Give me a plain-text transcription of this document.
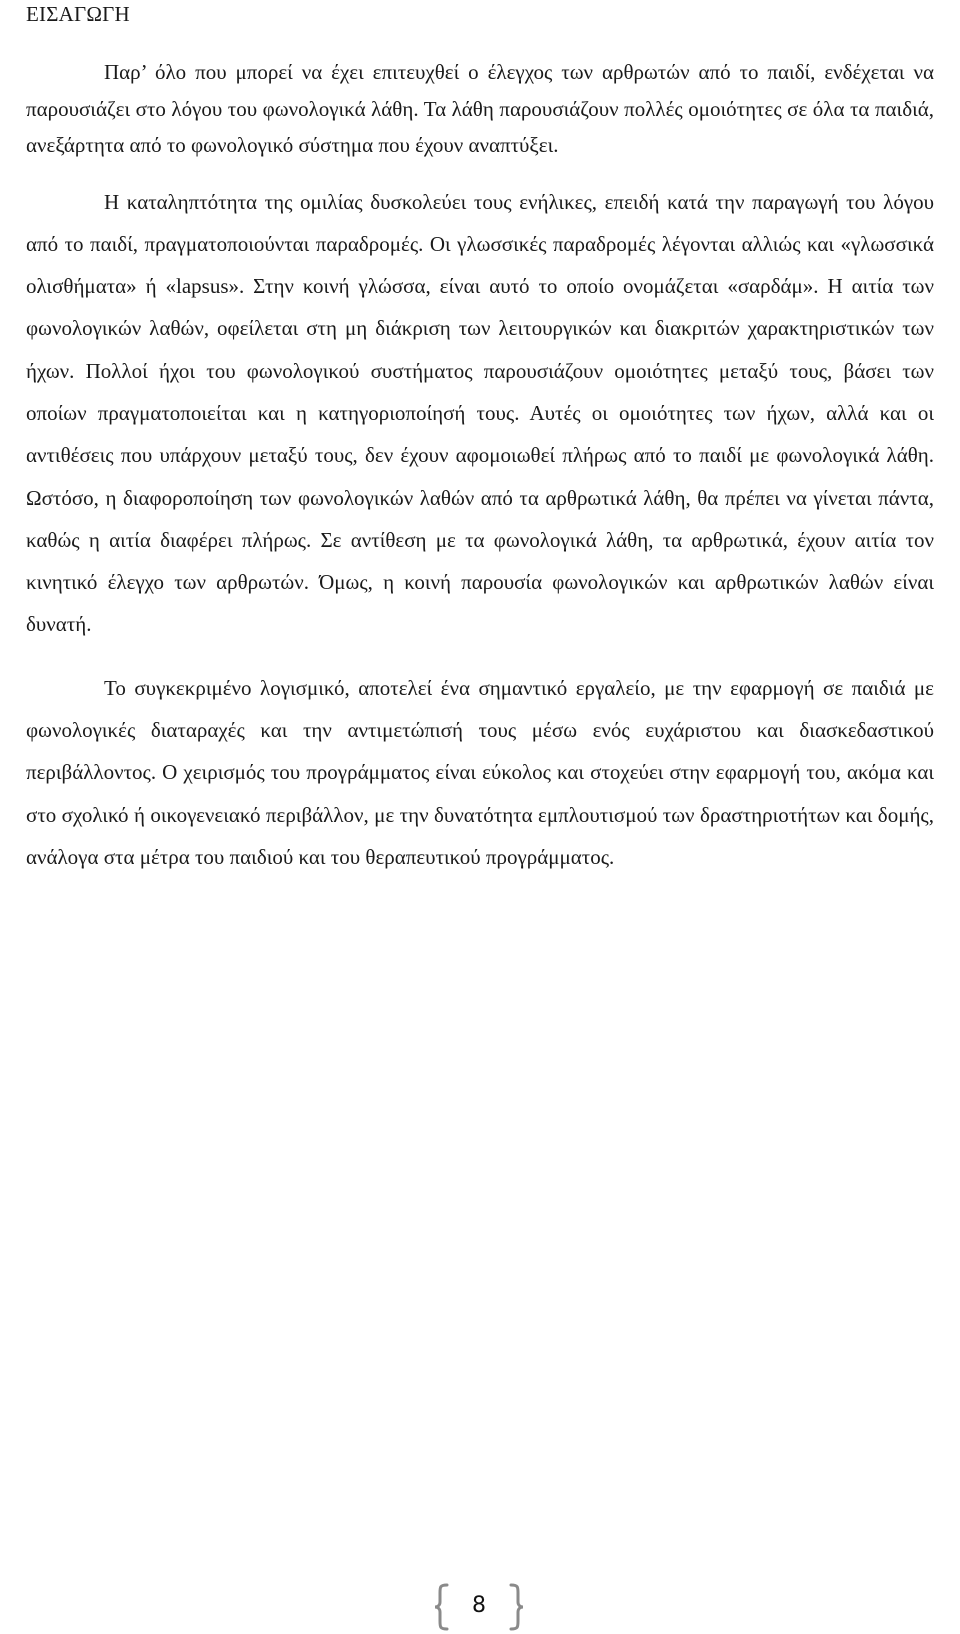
ΕΙΣΑΓΩΓΗ

Παρ’ όλο που μπορεί να έχει επιτευχθεί ο έλεγχος των αρθρωτών από το παιδί, ενδέχεται να παρουσιάζει στο λόγου του φωνολογικά λάθη. Τα λάθη παρουσιάζουν πολλές ομοιότητες σε όλα τα παιδιά, ανεξάρτητα από το φωνολογικό σύστημα που έχουν αναπτύξει.

Η καταληπτότητα της ομιλίας δυσκολεύει τους ενήλικες, επειδή κατά την παραγωγή του λόγου από το παιδί, πραγματοποιούνται παραδρομές. Οι γλωσσικές παραδρομές λέγονται αλλιώς και «γλωσσικά ολισθήματα» ή «lapsus». Στην κοινή γλώσσα, είναι αυτό το οποίο ονομάζεται «σαρδάμ». Η αιτία των φωνολογικών λαθών, οφείλεται στη μη διάκριση των λειτουργικών και διακριτών χαρακτηριστικών των ήχων. Πολλοί ήχοι του φωνολογικού συστήματος παρουσιάζουν ομοιότητες μεταξύ τους, βάσει των οποίων πραγματοποιείται και η κατηγοριοποίησή τους. Αυτές οι ομοιότητες των ήχων, αλλά και οι αντιθέσεις που υπάρχουν μεταξύ τους, δεν έχουν αφομοιωθεί πλήρως από το παιδί με φωνολογικά λάθη. Ωστόσο, η διαφοροποίηση των φωνολογικών λαθών από τα αρθρωτικά λάθη, θα πρέπει να γίνεται πάντα, καθώς η αιτία διαφέρει πλήρως. Σε αντίθεση με τα φωνολογικά λάθη, τα αρθρωτικά, έχουν αιτία τον κινητικό έλεγχο των αρθρωτών. Όμως, η κοινή παρουσία φωνολογικών και αρθρωτικών λαθών είναι δυνατή.

Το συγκεκριμένο λογισμικό, αποτελεί ένα σημαντικό εργαλείο, με την εφαρμογή σε παιδιά με φωνολογικές διαταραχές και την αντιμετώπισή τους μέσω ενός ευχάριστου και διασκεδαστικού περιβάλλοντος. Ο χειρισμός του προγράμματος είναι εύκολος και στοχεύει στην εφαρμογή του, ακόμα και στο σχολικό ή οικογενειακό περιβάλλον, με την δυνατότητα εμπλουτισμού των δραστηριοτήτων και δομής, ανάλογα στα μέτρα του παιδιού και του θεραπευτικού προγράμματος.

8
